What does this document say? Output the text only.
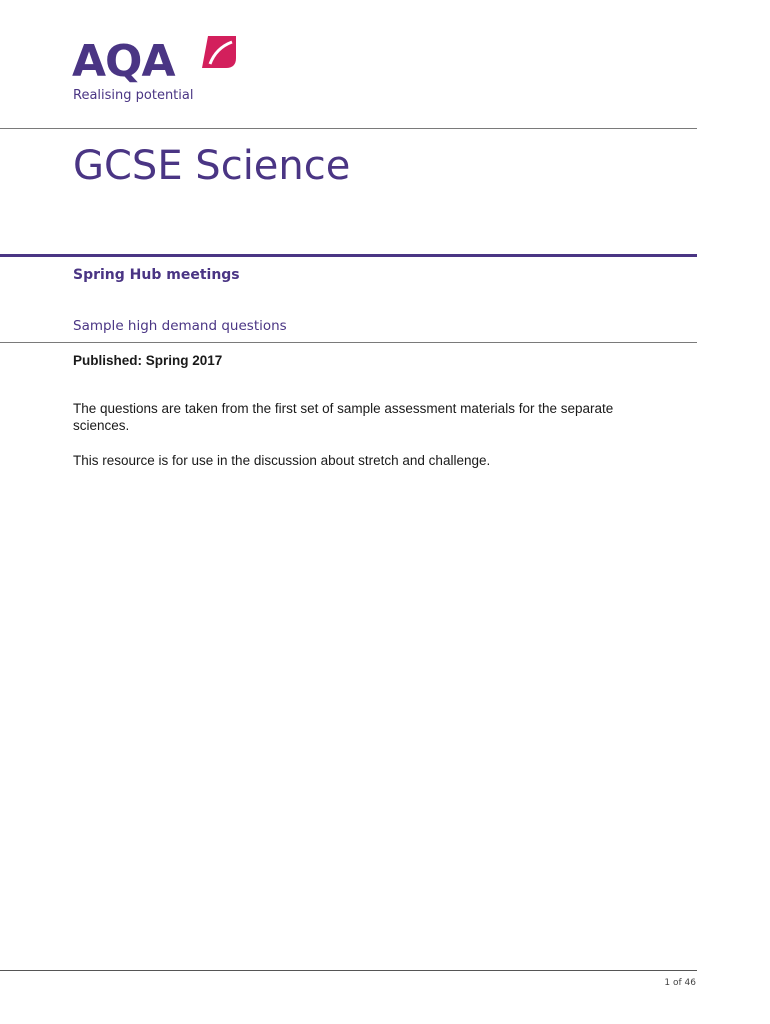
AQA
Realising potential
GCSE Science
Spring Hub meetings
Sample high demand questions
Published: Spring 2017

The questions are taken from the first set of sample assessment materials for the separate sciences.

This resource is for use in the discussion about stretch and challenge.

1 of 46
